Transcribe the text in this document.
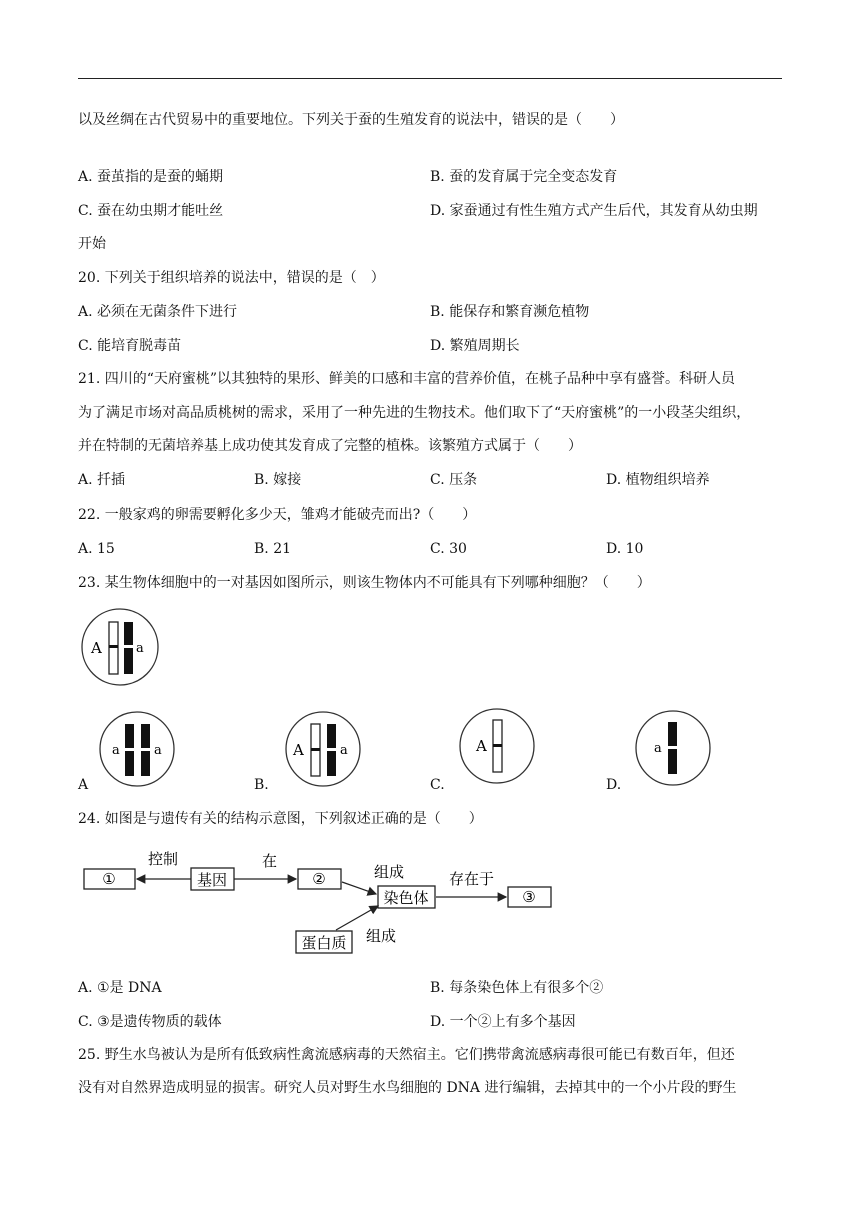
以及丝绸在古代贸易中的重要地位。下列关于蚕的生殖发育的说法中，错误的是（　　）
A. 蚕茧指的是蚕的蛹期	B. 蚕的发育属于完全变态发育
C. 蚕在幼虫期才能吐丝	D. 家蚕通过有性生殖方式产生后代，其发育从幼虫期
开始
20. 下列关于组织培养的说法中，错误的是（　）
A. 必须在无菌条件下进行	B. 能保存和繁育濒危植物
C. 能培育脱毒苗	D. 繁殖周期长
21. 四川的“天府蜜桃”以其独特的果形、鲜美的口感和丰富的营养价值，在桃子品种中享有盛誉。科研人员
为了满足市场对高品质桃树的需求，采用了一种先进的生物技术。他们取下了“天府蜜桃”的一小段茎尖组织，
并在特制的无菌培养基上成功使其发育成了完整的植株。该繁殖方式属于（　　）
A. 扦插	B. 嫁接	C. 压条	D. 植物组织培养
22. 一般家鸡的卵需要孵化多少天，雏鸡才能破壳而出?（　　）
A. 15	B. 21	C. 30	D. 10
23. 某生物体细胞中的一对基因如图所示，则该生物体内不可能具有下列哪种细胞？（　　）
A	a
a	a	A	a	A	a
A	B.	C.	D.
24. 如图是与遗传有关的结构示意图，下列叙述正确的是（　　）
①	基因	②
染色体	③
蛋白质
控制	在
组成	存在于
组成
A. ①是 DNA	B. 每条染色体上有很多个②
C. ③是遗传物质的载体	D. 一个②上有多个基因
25. 野生水鸟被认为是所有低致病性禽流感病毒的天然宿主。它们携带禽流感病毒很可能已有数百年，但还
没有对自然界造成明显的损害。研究人员对野生水鸟细胞的 DNA 进行编辑，去掉其中的一个小片段的野生
